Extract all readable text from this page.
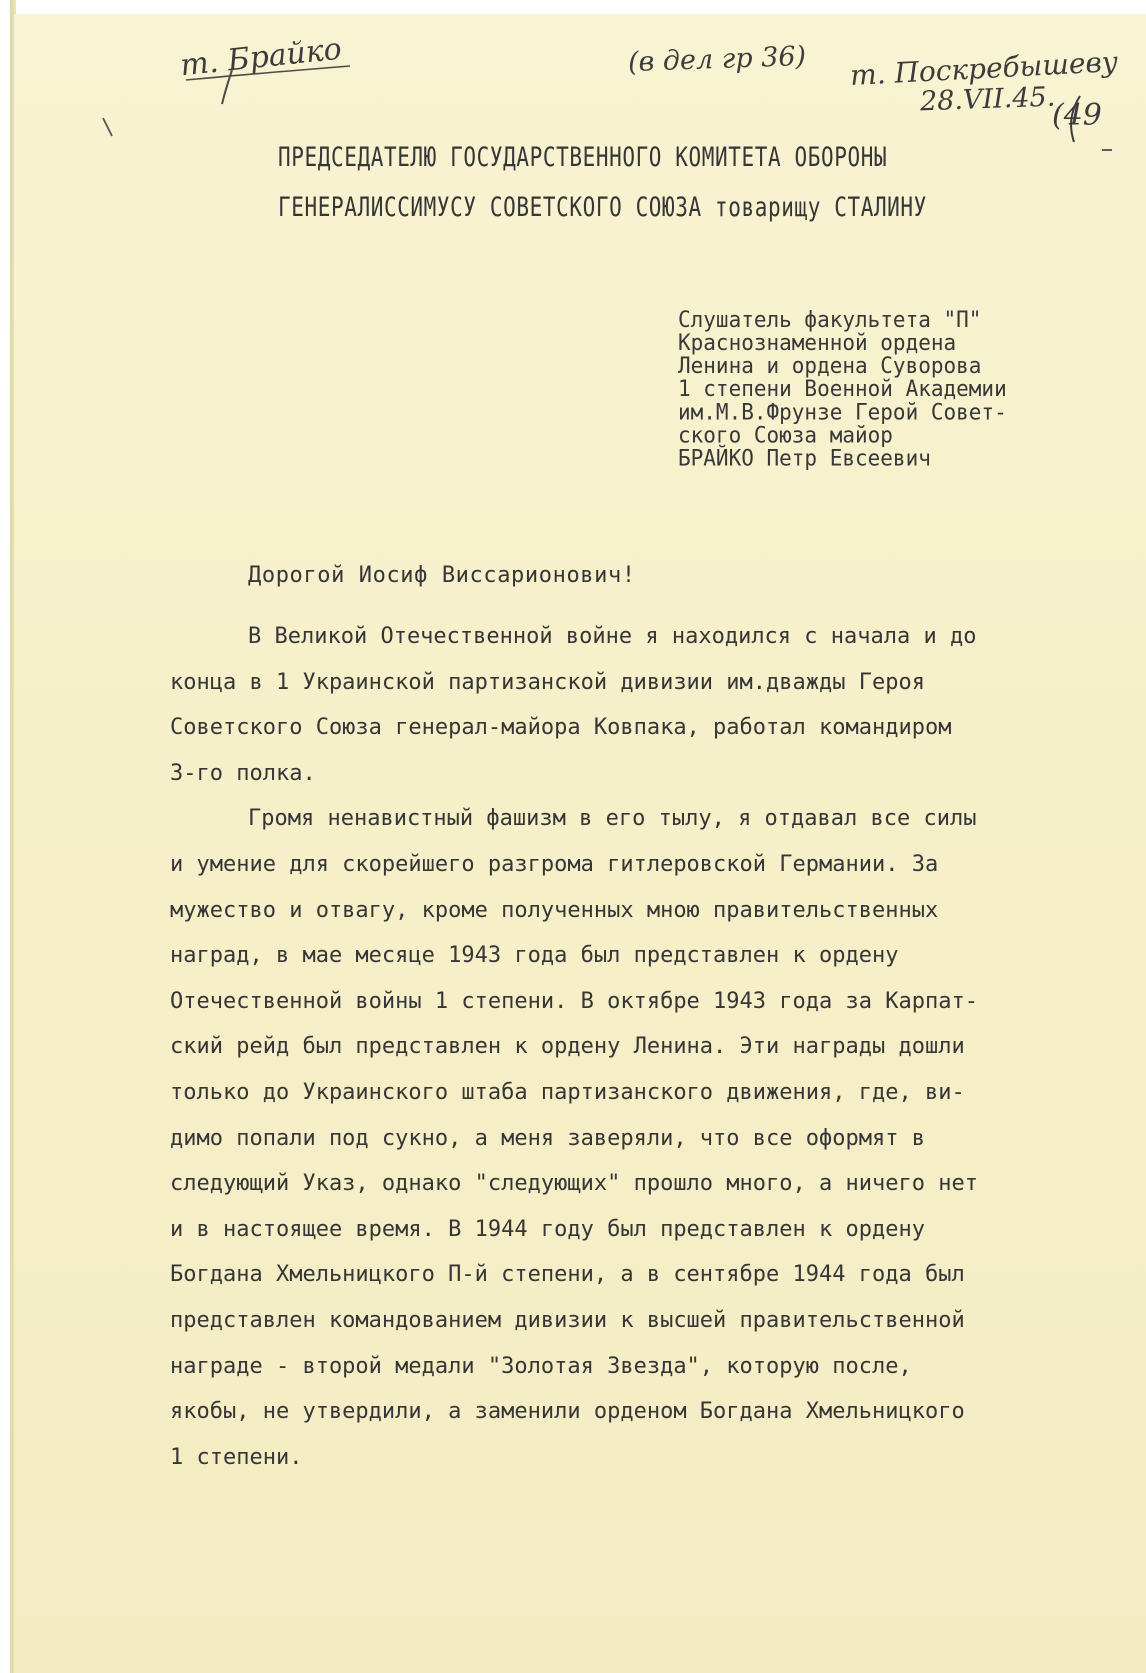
т. Брайко	(в дел гр 36) т. Поскребышеву
28.VII.45.
(49
ПРЕДСЕДАТЕЛЮ ГОСУДАРСТВЕННОГО КОМИТЕТА ОБОРОНЫ
ГЕНЕРАЛИССИМУСУ СОВЕТСКОГО СОЮЗА товарищу СТАЛИНУ
Слушатель факультета "П"
Краснознаменной ордена
Ленина и ордена Суворова
1 степени Военной Академии
им.М.В.Фрунзе Герой Совет-
ского Союза майор
БРАЙКО Петр Евсеевич
Дорогой Иосиф Виссарионович!
В Великой Отечественной войне я находился с начала и до
конца в 1 Украинской партизанской дивизии им.дважды Героя
Советского Союза генерал-майора Ковпака, работал командиром
3-го полка.
Громя ненавистный фашизм в его тылу, я отдавал все силы
и умение для скорейшего разгрома гитлеровской Германии. За
мужество и отвагу, кроме полученных мною правительственных
наград, в мае месяце 1943 года был представлен к ордену
Отечественной войны 1 степени. В октябре 1943 года за Карпат-
ский рейд был представлен к ордену Ленина. Эти награды дошли
только до Украинского штаба партизанского движения, где, ви-
димо попали под сукно, а меня заверяли, что все оформят в
следующий Указ, однако "следующих" прошло много, а ничего нет
и в настоящее время. В 1944 году был представлен к ордену
Богдана Хмельницкого П-й степени, а в сентябре 1944 года был
представлен командованием дивизии к высшей правительственной
награде - второй медали "Золотая Звезда", которую после,
якобы, не утвердили, а заменили орденом Богдана Хмельницкого
1 степени.
